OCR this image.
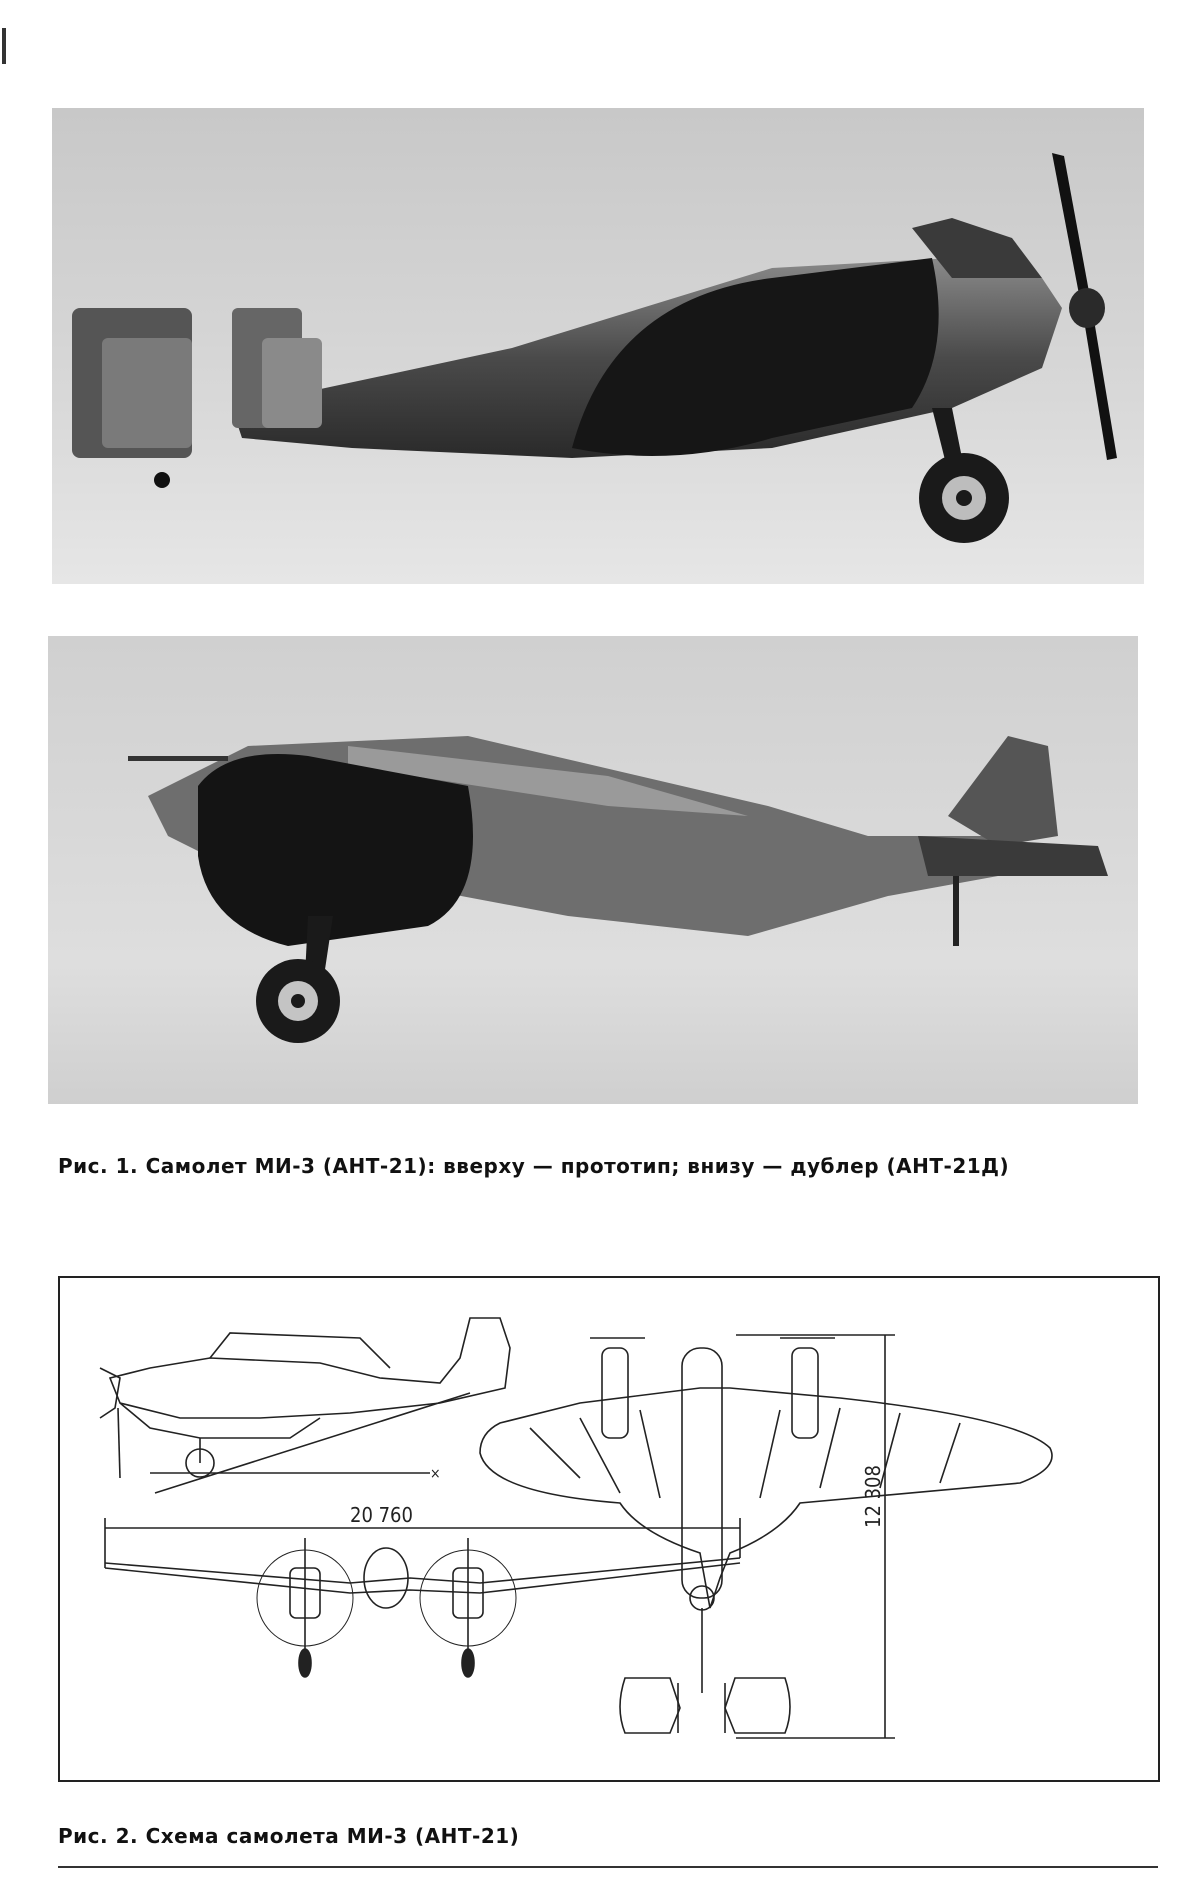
Рис. 1. Самолет МИ-3 (АНТ-21): вверху — прототип; внизу — дублер (АНТ-21Д)
×
20 760	12 308
Рис. 2. Схема самолета МИ-3 (АНТ-21)
